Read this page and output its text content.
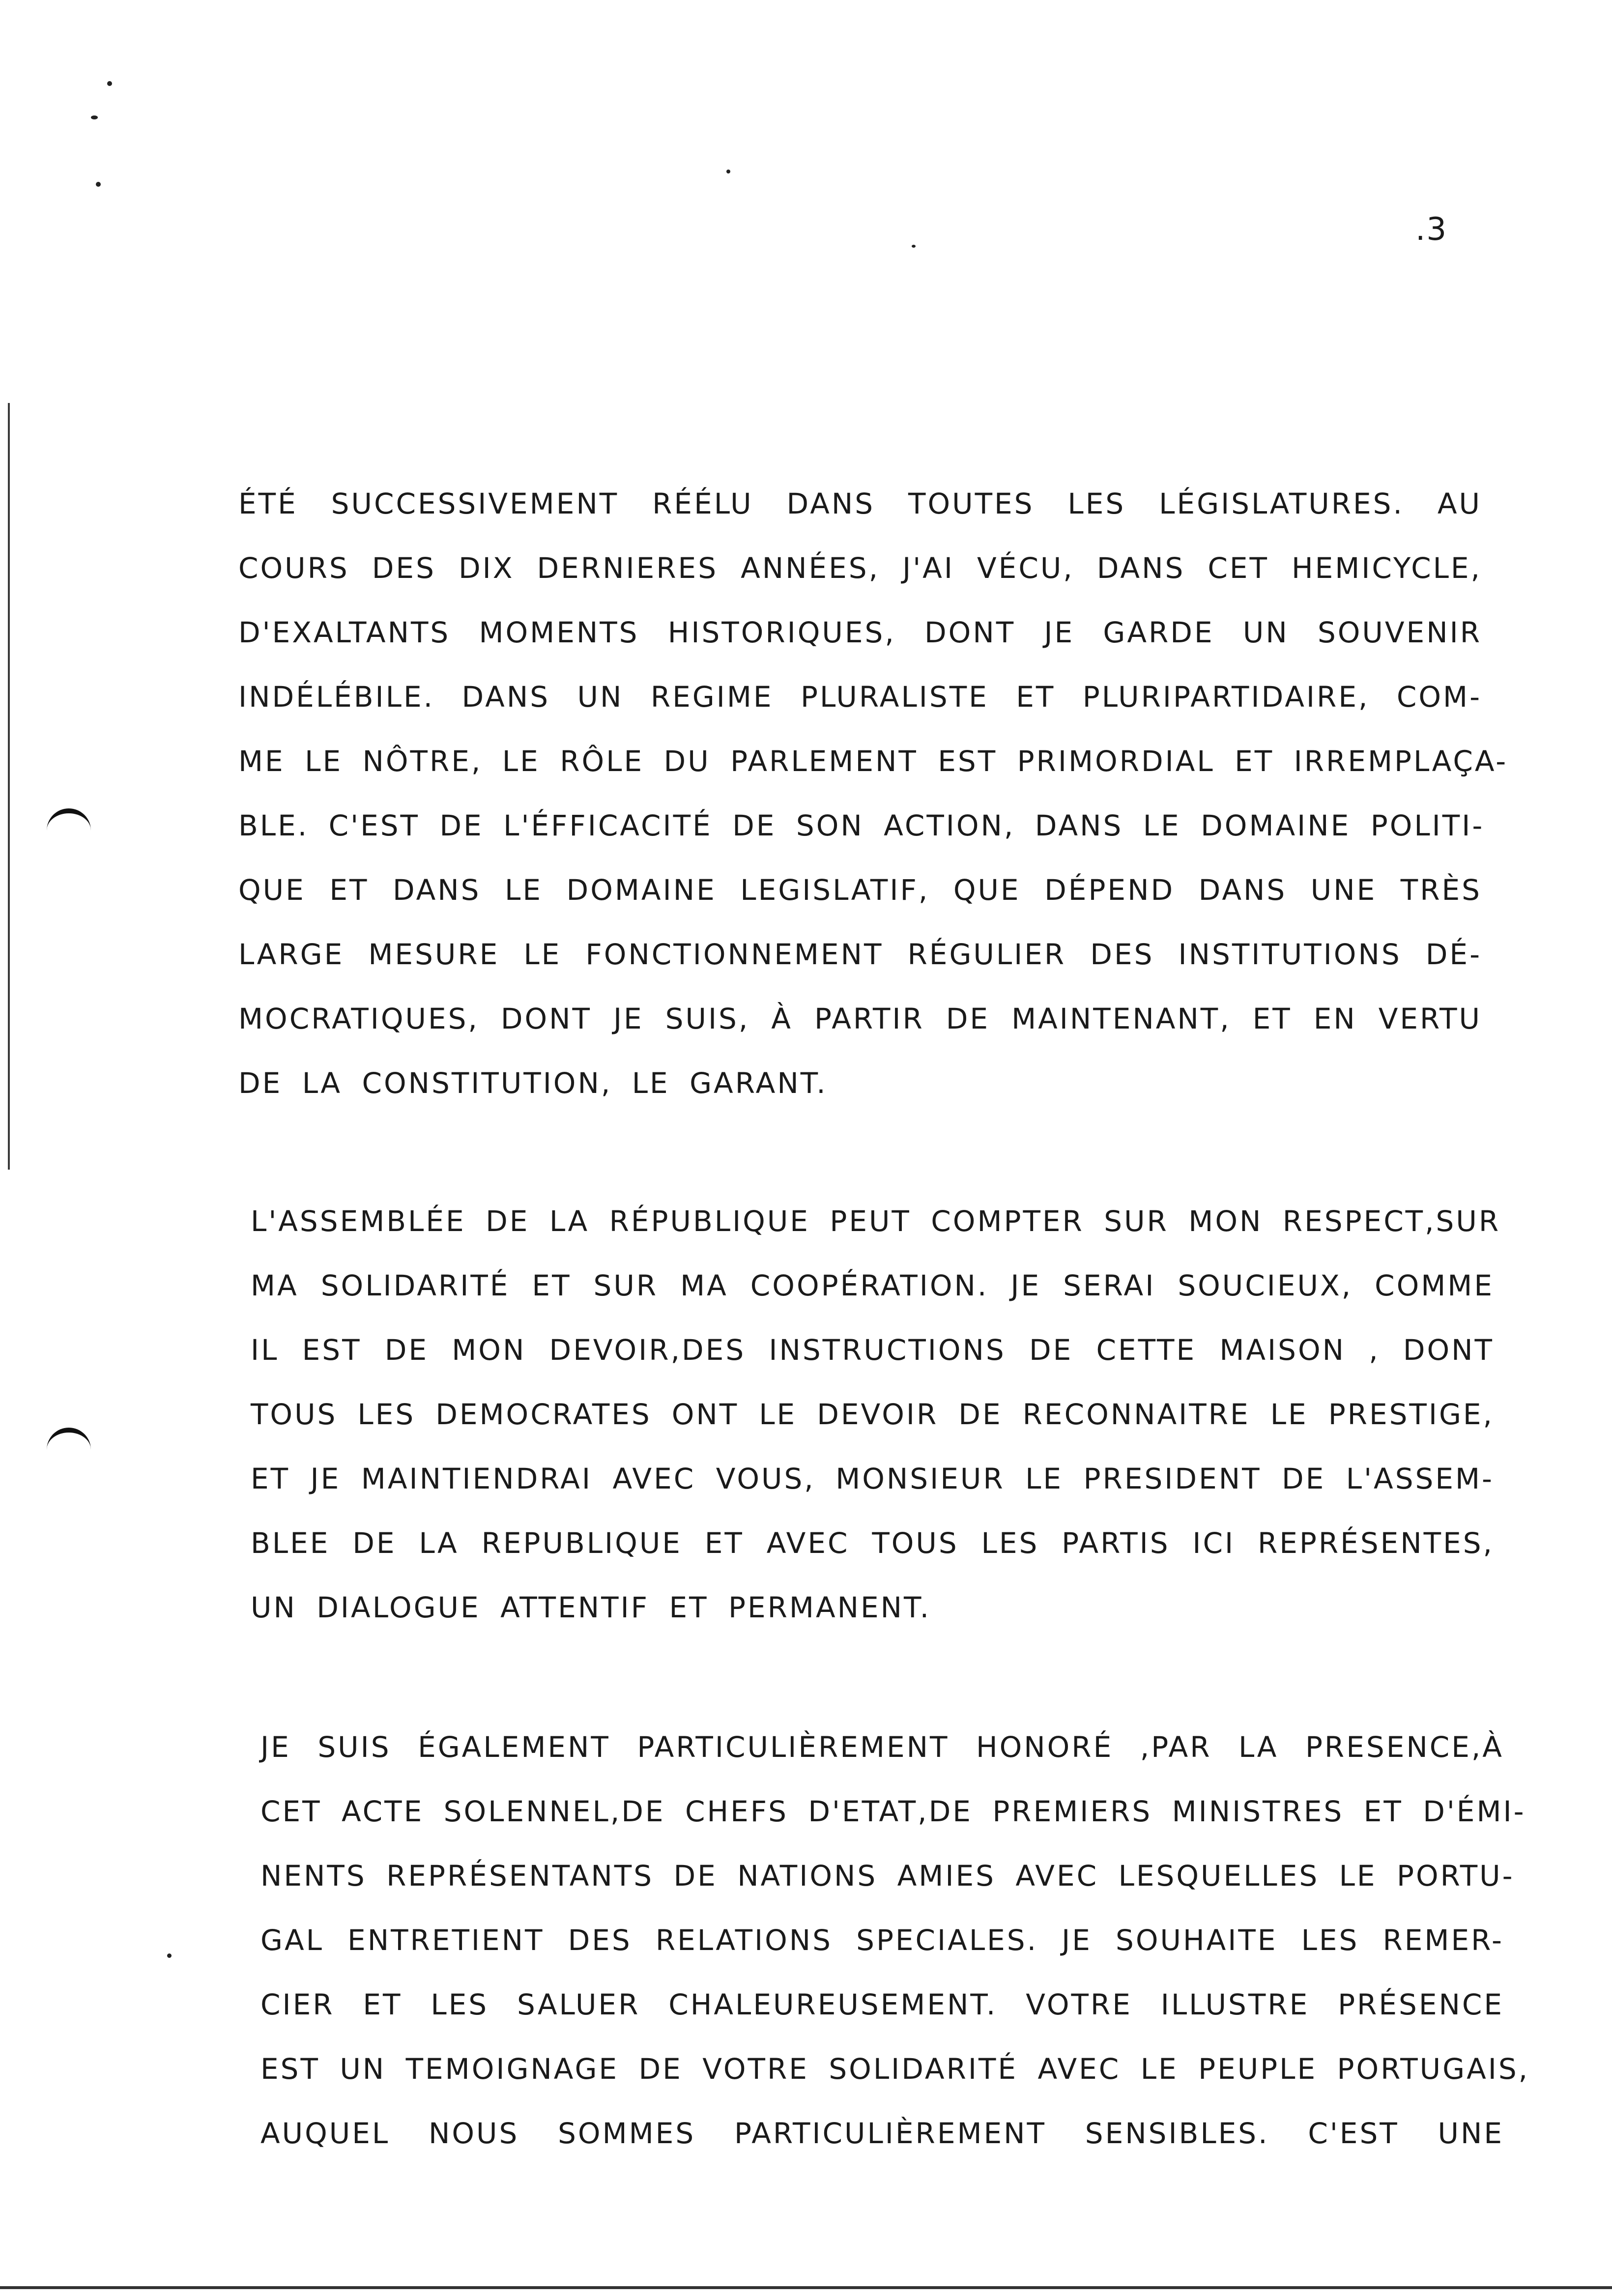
.3
ÉTÉ SUCCESSIVEMENT RÉÉLU DANS TOUTES LES LÉGISLATURES. AU
COURS DES DIX DERNIERES ANNÉES, J'AI VÉCU, DANS CET HEMICYCLE,
D'EXALTANTS MOMENTS HISTORIQUES, DONT JE GARDE UN SOUVENIR
INDÉLÉBILE. DANS UN REGIME PLURALISTE ET PLURIPARTIDAIRE, COM-
ME LE NÔTRE, LE RÔLE DU PARLEMENT EST PRIMORDIAL ET IRREMPLAÇA-
BLE. C'EST DE L'ÉFFICACITÉ DE SON ACTION, DANS LE DOMAINE POLITI-
QUE ET DANS LE DOMAINE LEGISLATIF, QUE DÉPEND DANS UNE TRÈS
LARGE MESURE LE FONCTIONNEMENT RÉGULIER DES INSTITUTIONS DÉ-
MOCRATIQUES, DONT JE SUIS, À PARTIR DE MAINTENANT, ET EN VERTU
DE LA CONSTITUTION, LE GARANT.
L'ASSEMBLÉE DE LA RÉPUBLIQUE PEUT COMPTER SUR MON RESPECT,SUR
MA SOLIDARITÉ ET SUR MA COOPÉRATION. JE SERAI SOUCIEUX, COMME
IL EST DE MON DEVOIR,DES INSTRUCTIONS DE CETTE MAISON , DONT
TOUS LES DEMOCRATES ONT LE DEVOIR DE RECONNAITRE LE PRESTIGE,
ET JE MAINTIENDRAI AVEC VOUS, MONSIEUR LE PRESIDENT DE L'ASSEM-
BLEE DE LA REPUBLIQUE ET AVEC TOUS LES PARTIS ICI REPRÉSENTES,
UN DIALOGUE ATTENTIF ET PERMANENT.
JE SUIS ÉGALEMENT PARTICULIÈREMENT HONORÉ ,PAR LA PRESENCE,À
CET ACTE SOLENNEL,DE CHEFS D'ETAT,DE PREMIERS MINISTRES ET D'ÉMI-
NENTS REPRÉSENTANTS DE NATIONS AMIES AVEC LESQUELLES LE PORTU-
GAL ENTRETIENT DES RELATIONS SPECIALES. JE SOUHAITE LES REMER-
CIER ET LES SALUER CHALEUREUSEMENT. VOTRE ILLUSTRE PRÉSENCE
EST UN TEMOIGNAGE DE VOTRE SOLIDARITÉ AVEC LE PEUPLE PORTUGAIS,
AUQUEL NOUS SOMMES PARTICULIÈREMENT SENSIBLES. C'EST UNE
